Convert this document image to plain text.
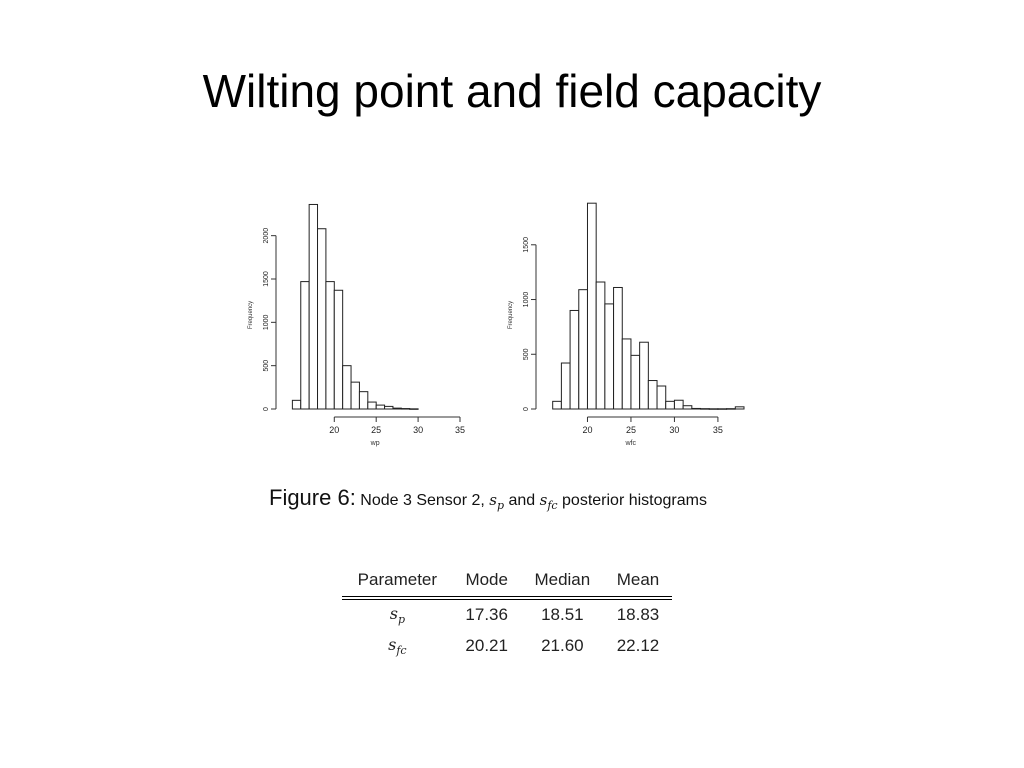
Wilting point and field capacity
20	25	30	35
wp
0
500
1000
1500
2000
Frequency
20	25	30	35
wfc
0
500
1000
1500
Frequency
Figure 6: Node 3 Sensor 2, $s_p$ and $s_{fc}$ posterior histograms
Parameter	Mode	Median	Mean
$s_p$	17.36	18.51	18.83
$s_{fc}$	20.21	21.60	22.12
